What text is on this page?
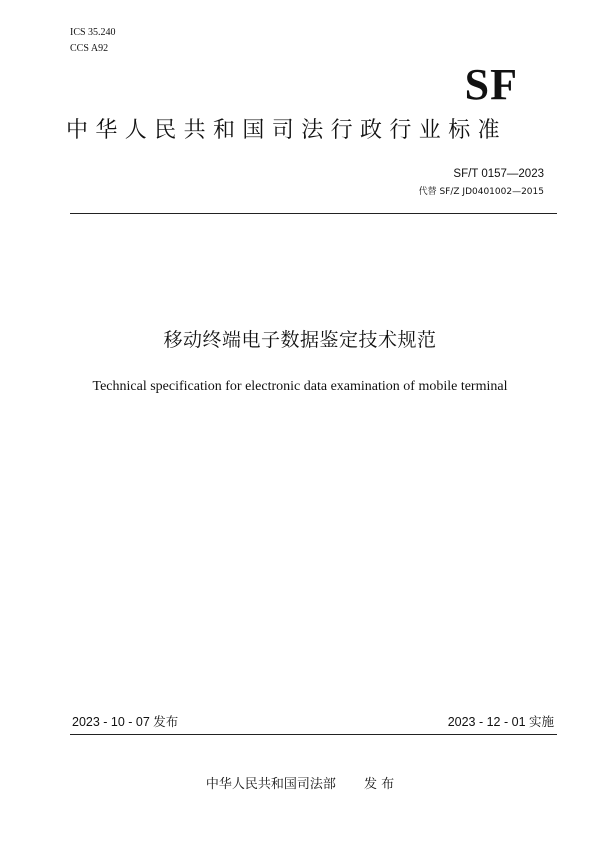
ICS 35.240
CCS A92
SF
中华人民共和国司法行政行业标准
SF/T 0157—2023
代替 SF/Z JD0401002—2015
移动终端电子数据鉴定技术规范
Technical specification for electronic data examination of mobile terminal
2023 - 10 - 07 发布	2023 - 12 - 01 实施
中华人民共和国司法部 发 布
